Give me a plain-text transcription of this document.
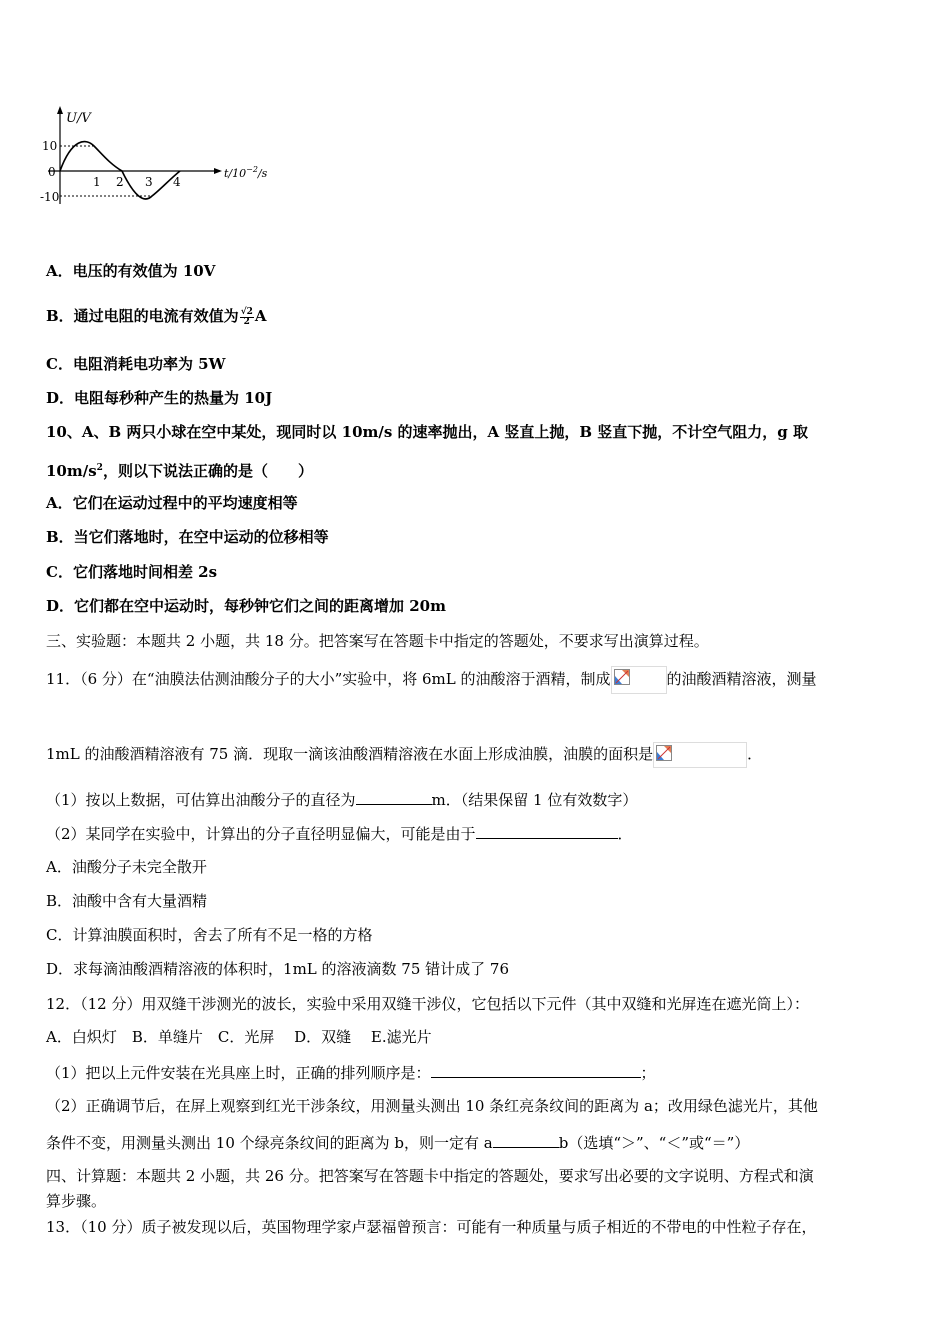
U/V
$t/10^{-2}/s$
10
0
-10
1 2 3 4
A．电压的有效值为 10V
B．通过电阻的电流有效值为 $\frac{√2}{2}$ A
C．电阻消耗电功率为 5W
D．电阻每秒种产生的热量为 10J
10、A、B 两只小球在空中某处，现同时以 10m/s 的速率抛出，A 竖直上抛，B 竖直下抛，不计空气阻力，g 取
$10m/s^2$，则以下说法正确的是（　　）
A．它们在运动过程中的平均速度相等
B．当它们落地时，在空中运动的位移相等
C．它们落地时间相差 2s
D．它们都在空中运动时，每秒钟它们之间的距离增加 20m
三、实验题：本题共 2 小题，共 18 分。把答案写在答题卡中指定的答题处，不要求写出演算过程。
11．（6 分）在“油膜法估测油酸分子的大小”实验中，将 6mL 的油酸溶于酒精，制成	的油酸酒精溶液，测量
1mL 的油酸酒精溶液有 75 滴．现取一滴该油酸酒精溶液在水面上形成油膜，油膜的面积是	．
（1）按以上数据，可估算出油酸分子的直径为	m．（结果保留 1 位有效数字）
（2）某同学在实验中，计算出的分子直径明显偏大，可能是由于	．
A．油酸分子未完全散开
B．油酸中含有大量酒精
C．计算油膜面积时，舍去了所有不足一格的方格
D．求每滴油酸酒精溶液的体积时，1mL 的溶液滴数 75 错计成了 76
12．（12 分）用双缝干涉测光的波长，实验中采用双缝干涉仪，它包括以下元件（其中双缝和光屏连在遮光筒上）：
A．白炽灯　B．单缝片　C．光屏　 D．双缝　 E.滤光片
（1）把以上元件安装在光具座上时，正确的排列顺序是：	；
（2）正确调节后，在屏上观察到红光干涉条纹，用测量头测出 10 条红亮条纹间的距离为 a；改用绿色滤光片，其他
条件不变，用测量头测出 10 个绿亮条纹间的距离为 b，则一定有 a	b（选填“＞”、“＜”或“＝”）
四、计算题：本题共 2 小题，共 26 分。把答案写在答题卡中指定的答题处，要求写出必要的文字说明、方程式和演
算步骤。
13．（10 分）质子被发现以后，英国物理学家卢瑟福曾预言：可能有一种质量与质子相近的不带电的中性粒子存在，
